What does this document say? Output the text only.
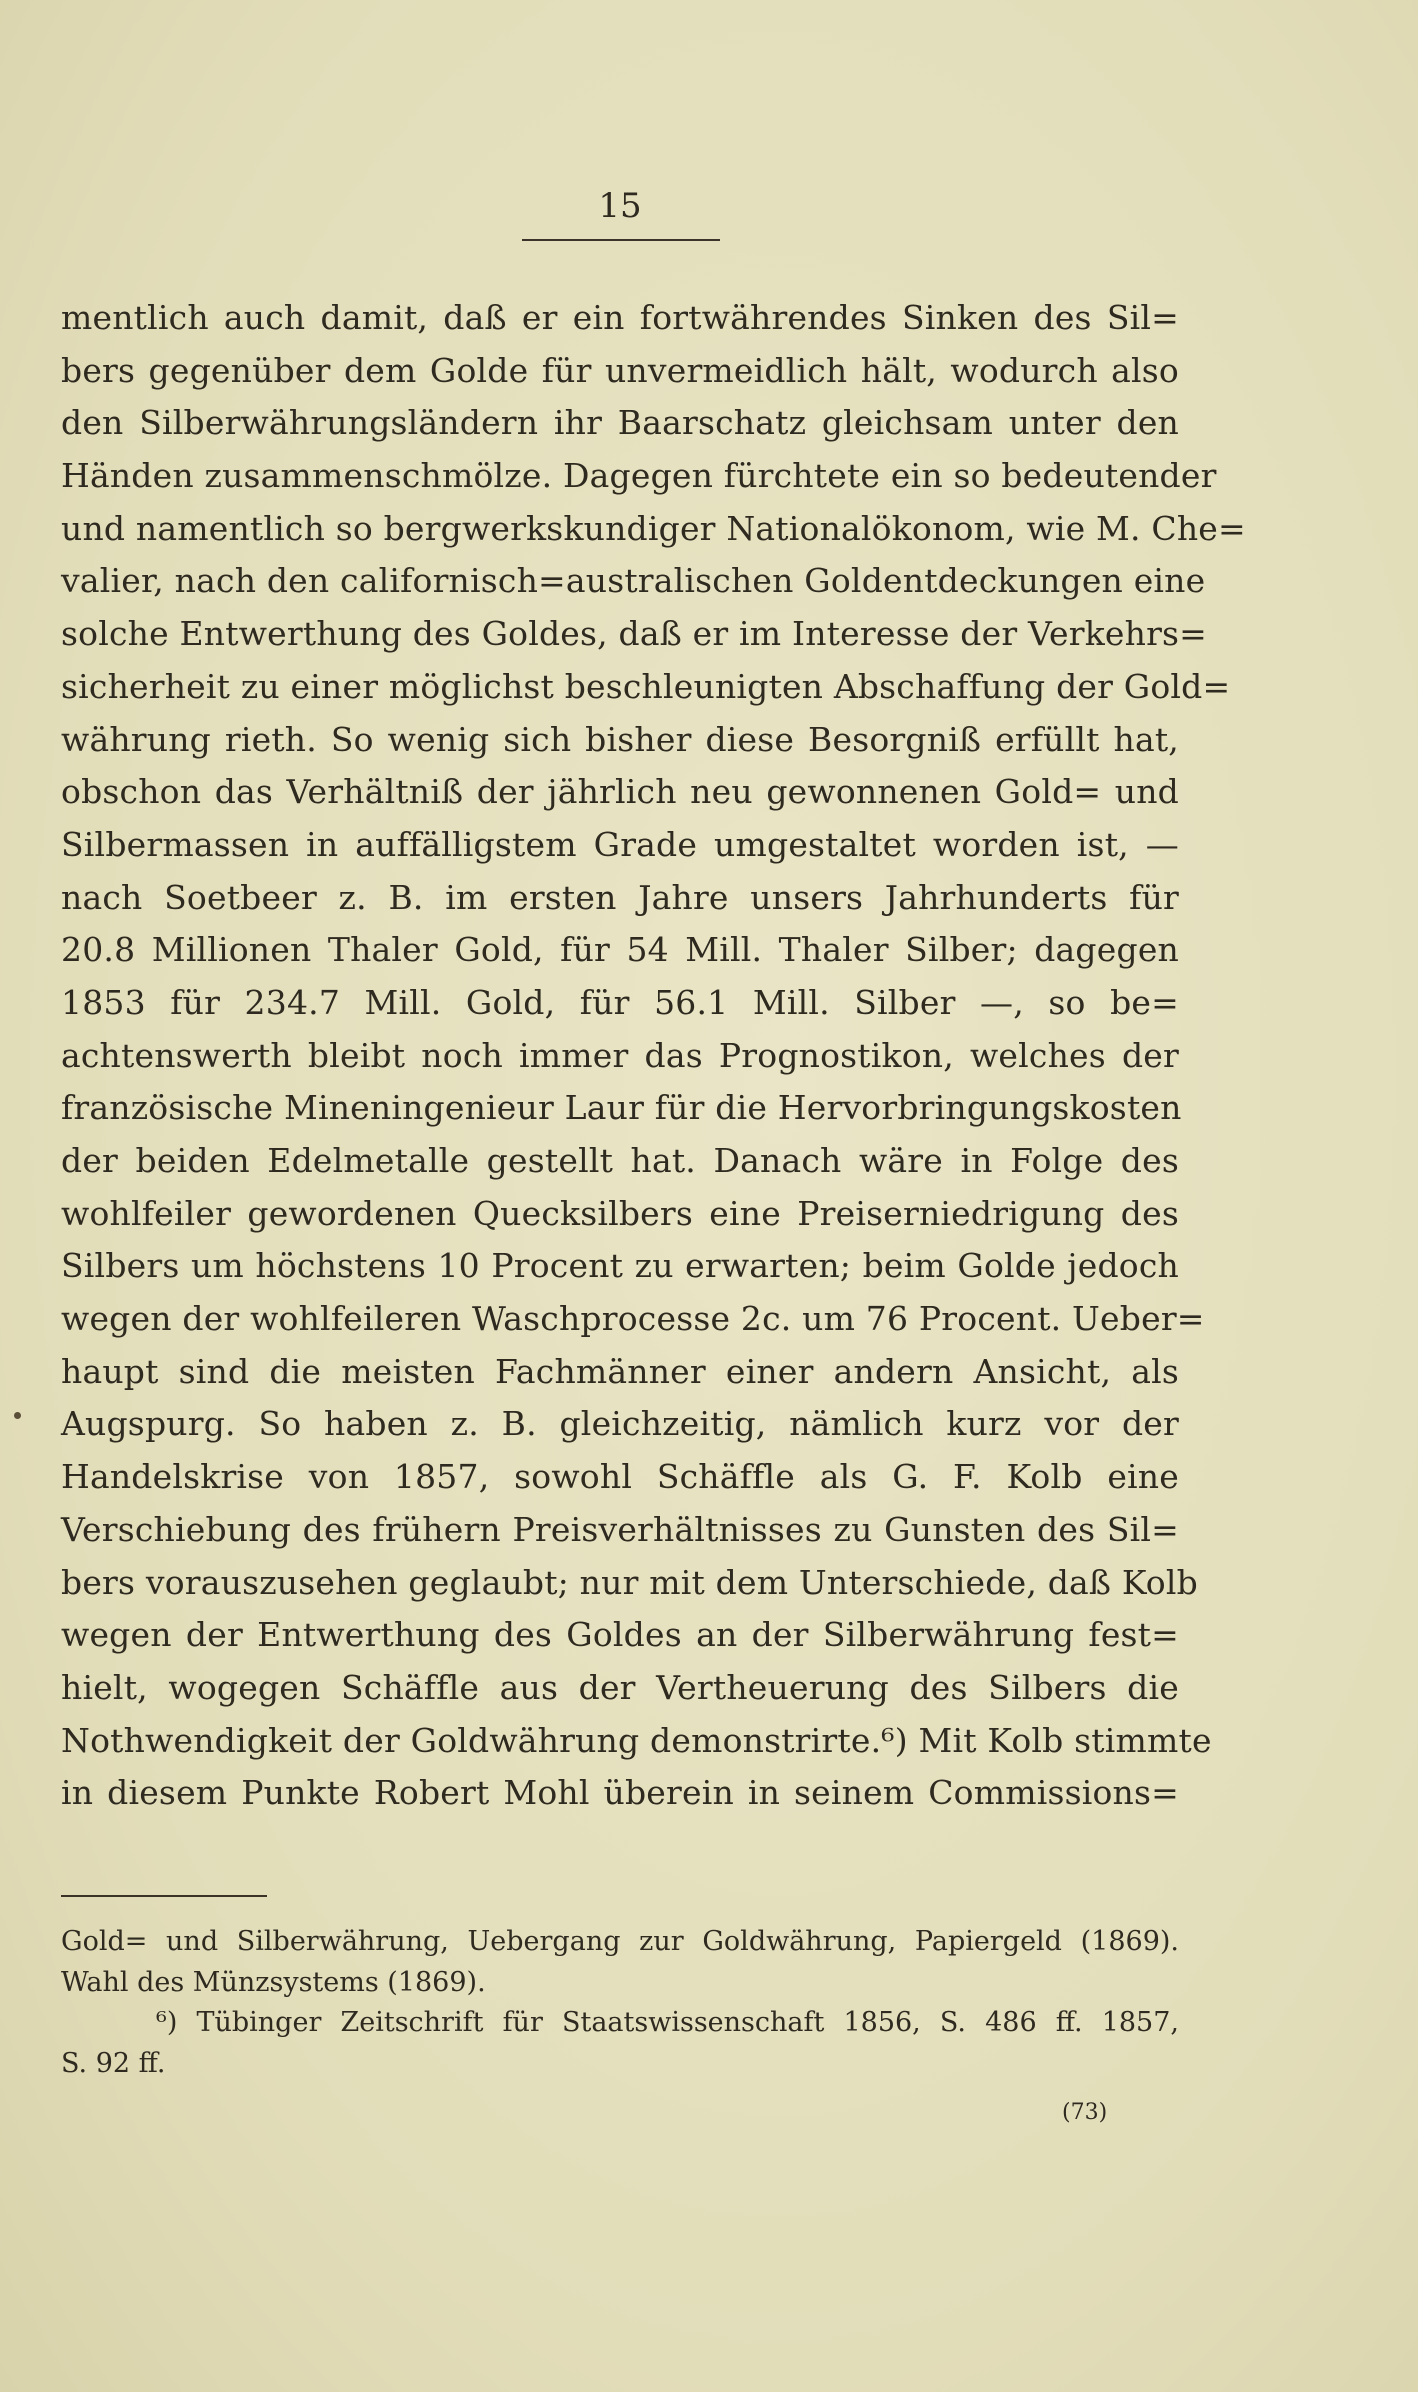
15
mentlich auch damit, daß er ein fortwährendes Sinken des Sil=
bers gegenüber dem Golde für unvermeidlich hält, wodurch also
den Silberwährungsländern ihr Baarschatz gleichsam unter den
Händen zusammenschmölze. Dagegen fürchtete ein so bedeutender
und namentlich so bergwerkskundiger Nationalökonom, wie M. Che=
valier, nach den californisch=australischen Goldentdeckungen eine
solche Entwerthung des Goldes, daß er im Interesse der Verkehrs=
sicherheit zu einer möglichst beschleunigten Abschaffung der Gold=
währung rieth. So wenig sich bisher diese Besorgniß erfüllt hat,
obschon das Verhältniß der jährlich neu gewonnenen Gold= und
Silbermassen in auffälligstem Grade umgestaltet worden ist, —
nach Soetbeer z. B. im ersten Jahre unsers Jahrhunderts für
20.8 Millionen Thaler Gold, für 54 Mill. Thaler Silber; dagegen
1853 für 234.7 Mill. Gold, für 56.1 Mill. Silber —, so be=
achtenswerth bleibt noch immer das Prognostikon, welches der
französische Mineningenieur Laur für die Hervorbringungskosten
der beiden Edelmetalle gestellt hat. Danach wäre in Folge des
wohlfeiler gewordenen Quecksilbers eine Preiserniedrigung des
Silbers um höchstens 10 Procent zu erwarten; beim Golde jedoch
wegen der wohlfeileren Waschprocesse 2c. um 76 Procent. Ueber=
haupt sind die meisten Fachmänner einer andern Ansicht, als
Augspurg. So haben z. B. gleichzeitig, nämlich kurz vor der
Handelskrise von 1857, sowohl Schäffle als G. F. Kolb eine
Verschiebung des frühern Preisverhältnisses zu Gunsten des Sil=
bers vorauszusehen geglaubt; nur mit dem Unterschiede, daß Kolb
wegen der Entwerthung des Goldes an der Silberwährung fest=
hielt, wogegen Schäffle aus der Vertheuerung des Silbers die
Nothwendigkeit der Goldwährung demonstrirte.⁶) Mit Kolb stimmte
in diesem Punkte Robert Mohl überein in seinem Commissions=
Gold= und Silberwährung, Uebergang zur Goldwährung, Papiergeld (1869).
Wahl des Münzsystems (1869).
⁶) Tübinger Zeitschrift für Staatswissenschaft 1856, S. 486 ff. 1857,
S. 92 ff.
(73)
